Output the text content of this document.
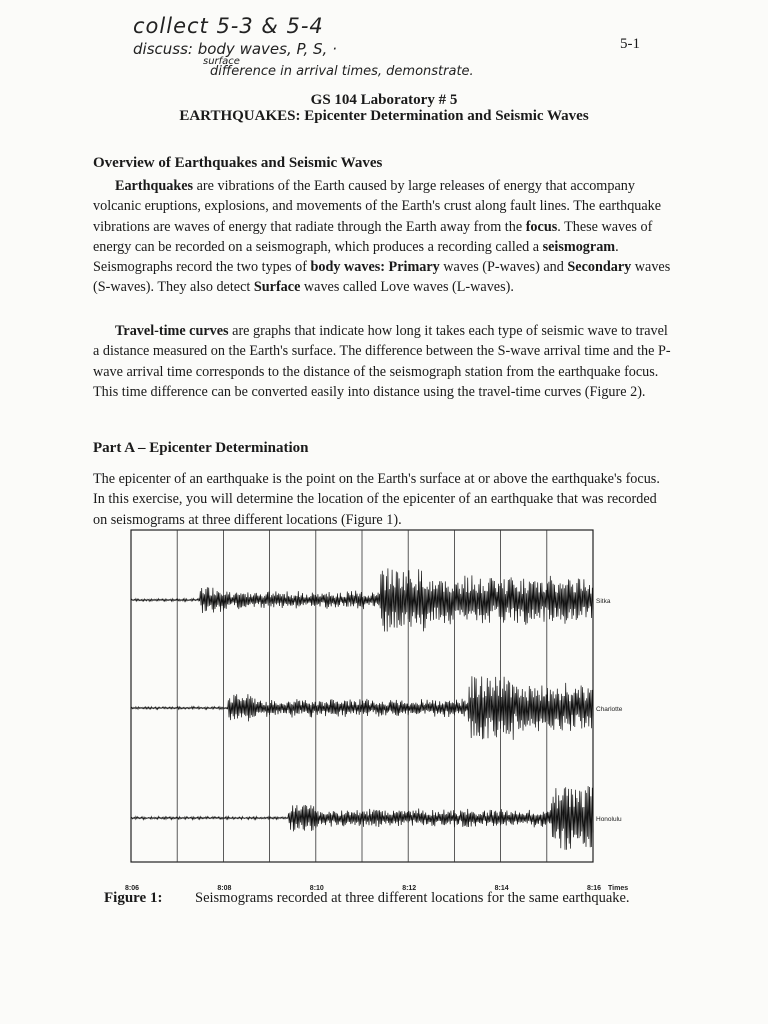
collect 5-3 & 5-4
discuss: body waves, P, S, ·
surface
difference in arrival times, demonstrate.
5-1
GS 104 Laboratory # 5
EARTHQUAKES: Epicenter Determination and Seismic Waves
Overview of Earthquakes and Seismic Waves
Earthquakes are vibrations of the Earth caused by large releases of energy that accompany volcanic eruptions, explosions, and movements of the Earth's crust along fault lines. The earthquake vibrations are waves of energy that radiate through the Earth away from the focus. These waves of energy can be recorded on a seismograph, which produces a recording called a seismogram. Seismographs record the two types of body waves: Primary waves (P-waves) and Secondary waves (S-waves). They also detect Surface waves called Love waves (L-waves).
Travel-time curves are graphs that indicate how long it takes each type of seismic wave to travel a distance measured on the Earth's surface. The difference between the S-wave arrival time and the P-wave arrival time corresponds to the distance of the seismograph station from the earthquake focus. This time difference can be converted easily into distance using the travel-time curves (Figure 2).
Part A – Epicenter Determination
The epicenter of an earthquake is the point on the Earth's surface at or above the earthquake's focus. In this exercise, you will determine the location of the epicenter of an earthquake that was recorded on seismograms at three different locations (Figure 1).
8:06	8:08	8:10	8:12	8:14	8:16 Times
Sitka
Charlotte
Honolulu
Figure 1: Seismograms recorded at three different locations for the same earthquake.
